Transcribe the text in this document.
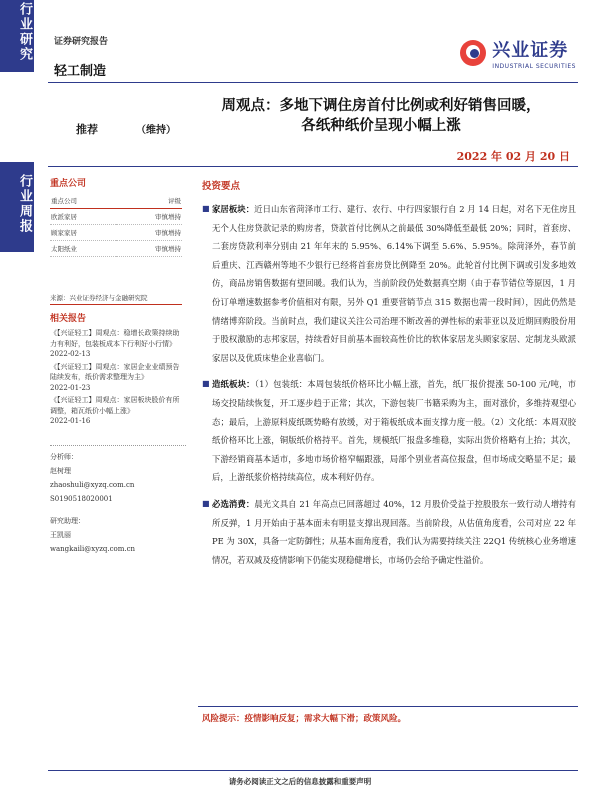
行业研究
行业周报
证券研究报告
轻工制造
兴业证券
INDUSTRIAL SECURITIES
周观点：多地下调住房首付比例或利好销售回暖，
各纸种纸价呈现小幅上涨
推荐	（维持）
2022 年 02 月 20 日
重点公司
重点公司	评级
欧派家居	审慎增持
顾家家居	审慎增持
太阳纸业	审慎增持
来源：兴业证券经济与金融研究院
相关报告
《【兴证轻工】周观点：稳增长政策持续助力有利好，包装板成本下行利好小行情》
2022-02-13
《【兴证轻工】周观点：家居企业业绩预告陆续发布，纸价需求整理为主》
2022-01-23
《【兴证轻工】周观点：家居板块股价有所调整，箱瓦纸价小幅上涨》
2022-01-16
分析师：
赵树理
zhaoshuli@xyzq.com.cn
S0190518020001
研究助理：
王凯丽
wangkaili@xyzq.com.cn
投资要点

■ 家居板块：近日山东省菏泽市工行、建行、农行、中行四家银行自 2 月 14 日起，对名下无住房且无个人住房贷款记录的购房者，贷款首付比例从之前最低 30%降低至最低 20%；同时，首套房、二套房贷款利率分别由 21 年年末的 5.95%、6.14%下调至 5.6%、5.95%。除菏泽外，春节前后重庆、江西赣州等地不少银行已经将首套房贷比例降至 20%。此轮首付比例下调或引发多地效仿，商品房销售数据有望回暖。我们认为，当前阶段仍处数据真空期（由于春节错位等原因，1 月份订单增速数据参考价值相对有限，另外 Q1 重要营销节点 315 数据也需一段时间），因此仍然是情绪博弈阶段。当前时点，我们建议关注公司治理不断改善的弹性标的索菲亚以及近期回购股份用于股权激励的志邦家居，持续看好目前基本面较高性价比的软体家居龙头顾家家居、定制龙头欧派家居以及优质床垫企业喜临门。

■ 造纸板块：（1）包装纸：本周包装纸价格环比小幅上涨，首先，纸厂报价提涨 50-100 元/吨，市场交投陆续恢复，开工逐步趋于正常；其次，下游包装厂书籍采购为主，面对涨价，多维持观望心态；最后，上游原料废纸既势略有放缓，对于箱板纸成本面支撑力度一般。（2）文化纸：本周双胶纸价格环比上涨，铜版纸价格持平。首先，规模纸厂报盘多维稳，实际出货价格略有上抬；其次，下游经销商基本适市，多地市场价格窄幅跟涨，局部个别业者高位报盘，但市场成交略显不足；最后，上游纸浆价格持续高位，成本利好仍存。

■ 必选消费：晨光文具自 21 年高点已回落超过 40%，12 月股价受益于控股股东一致行动人增持有所反弹，1 月开始由于基本面未有明显支撑出现回落。当前阶段，从估值角度看，公司对应 22 年 PE 为 30X，具备一定防御性；从基本面角度看，我们认为需要持续关注 22Q1 传统核心业务增速情况，若双减及疫情影响下仍能实现稳健增长，市场仍会给予确定性溢价。

风险提示：疫情影响反复；需求大幅下滑；政策风险。
请务必阅读正文之后的信息披露和重要声明
